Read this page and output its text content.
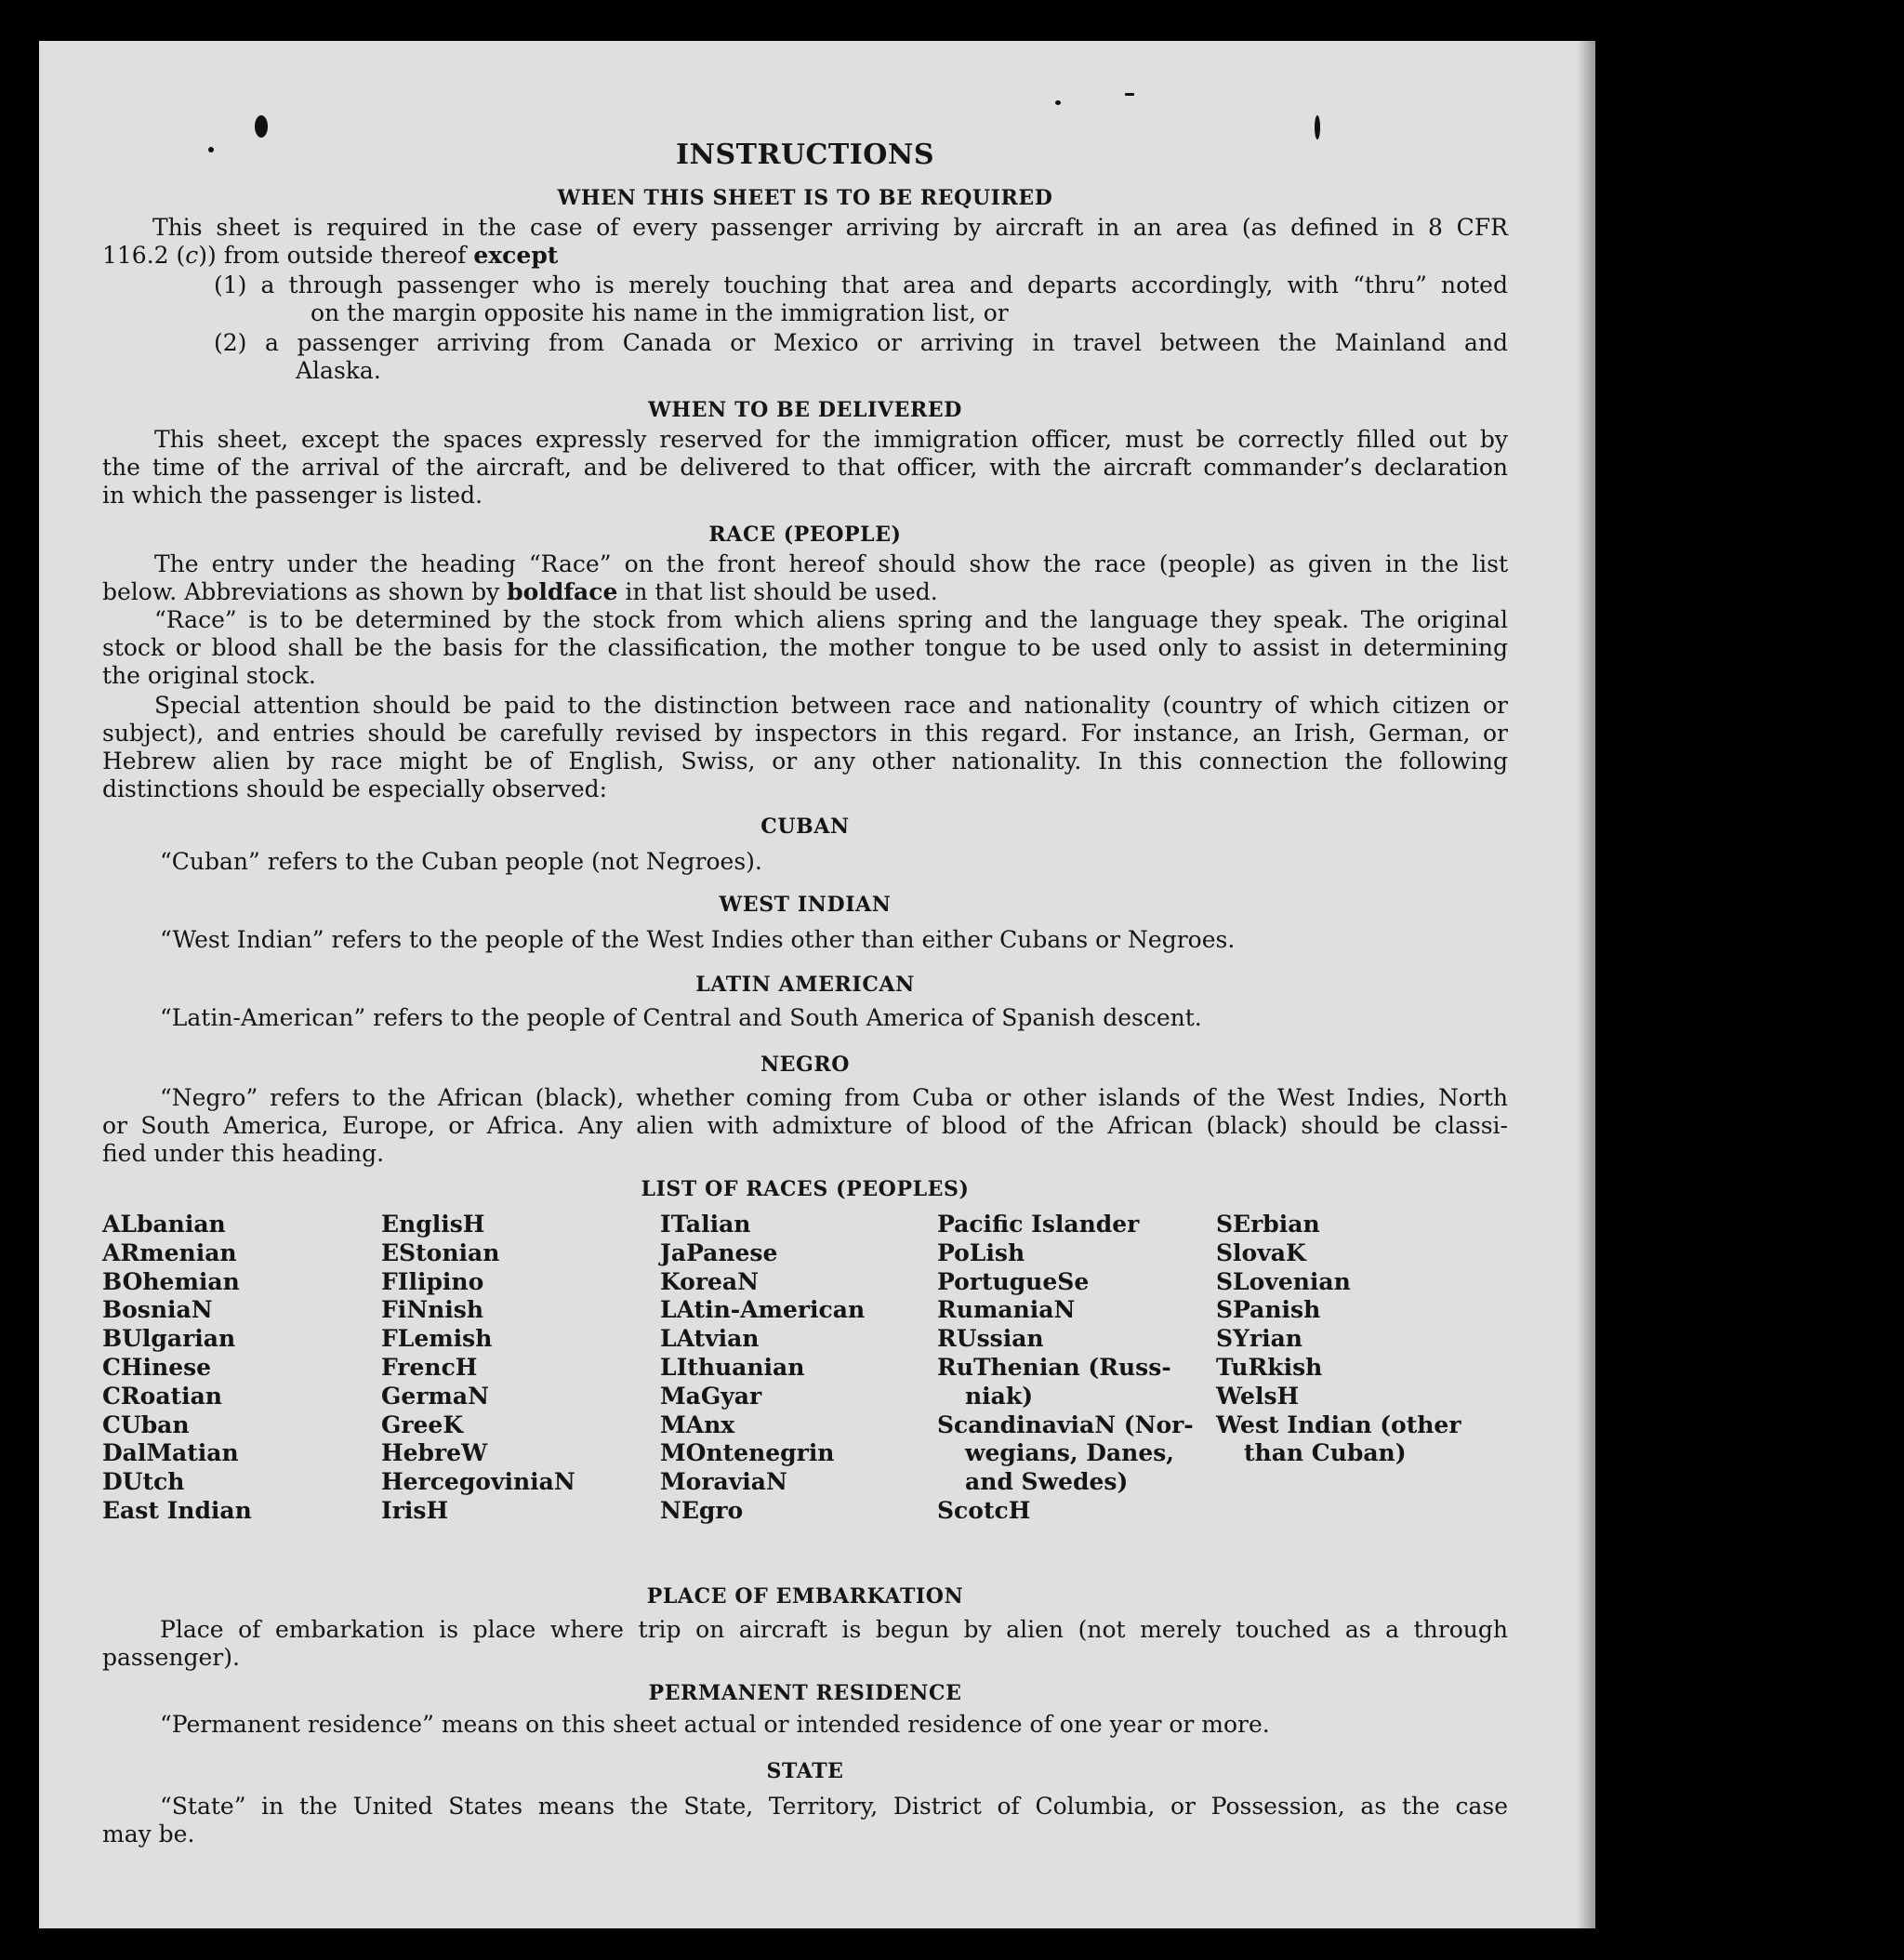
INSTRUCTIONS
WHEN THIS SHEET IS TO BE REQUIRED
This sheet is required in the case of every passenger arriving by aircraft in an area (as defined in 8 CFR
116.2 (c)) from outside thereof except
(1) a through passenger who is merely touching that area and departs accordingly, with “thru” noted
on the margin opposite his name in the immigration list, or
(2) a passenger arriving from Canada or Mexico or arriving in travel between the Mainland and
Alaska.
WHEN TO BE DELIVERED
This sheet, except the spaces expressly reserved for the immigration officer, must be correctly filled out by
the time of the arrival of the aircraft, and be delivered to that officer, with the aircraft commander’s declaration
in which the passenger is listed.
RACE (PEOPLE)
The entry under the heading “Race” on the front hereof should show the race (people) as given in the list
below. Abbreviations as shown by boldface in that list should be used.
“Race” is to be determined by the stock from which aliens spring and the language they speak. The original
stock or blood shall be the basis for the classification, the mother tongue to be used only to assist in determining
the original stock.
Special attention should be paid to the distinction between race and nationality (country of which citizen or
subject), and entries should be carefully revised by inspectors in this regard. For instance, an Irish, German, or
Hebrew alien by race might be of English, Swiss, or any other nationality. In this connection the following
distinctions should be especially observed:
CUBAN
“Cuban” refers to the Cuban people (not Negroes).
WEST INDIAN
“West Indian” refers to the people of the West Indies other than either Cubans or Negroes.
LATIN AMERICAN
“Latin-American” refers to the people of Central and South America of Spanish descent.
NEGRO
“Negro” refers to the African (black), whether coming from Cuba or other islands of the West Indies, North
or South America, Europe, or Africa. Any alien with admixture of blood of the African (black) should be classi-
fied under this heading.
LIST OF RACES (PEOPLES)
ALbanian
ARmenian
BOhemian
BosniaN
BUlgarian
CHinese
CRoatian
CUban
DalMatian
DUtch
East Indian
EnglisH
EStonian
FIlipino
FiNnish
FLemish
FrencH
GermaN
GreeK
HebreW
HercegoviniaN
IrisH
ITalian
JaPanese
KoreaN
LAtin-American
LAtvian
LIthuanian
MaGyar
MAnx
MOntenegrin
MoraviaN
NEgro
Pacific Islander
PoLish
PortugueSe
RumaniaN
RUssian
RuThenian (Russ-
niak)
ScandinaviaN (Nor-
wegians, Danes,
and Swedes)
ScotcH
SErbian
SlovaK
SLovenian
SPanish
SYrian
TuRkish
WelsH
West Indian (other
than Cuban)
PLACE OF EMBARKATION
Place of embarkation is place where trip on aircraft is begun by alien (not merely touched as a through
passenger).
PERMANENT RESIDENCE
“Permanent residence” means on this sheet actual or intended residence of one year or more.
STATE
“State” in the United States means the State, Territory, District of Columbia, or Possession, as the case
may be.
